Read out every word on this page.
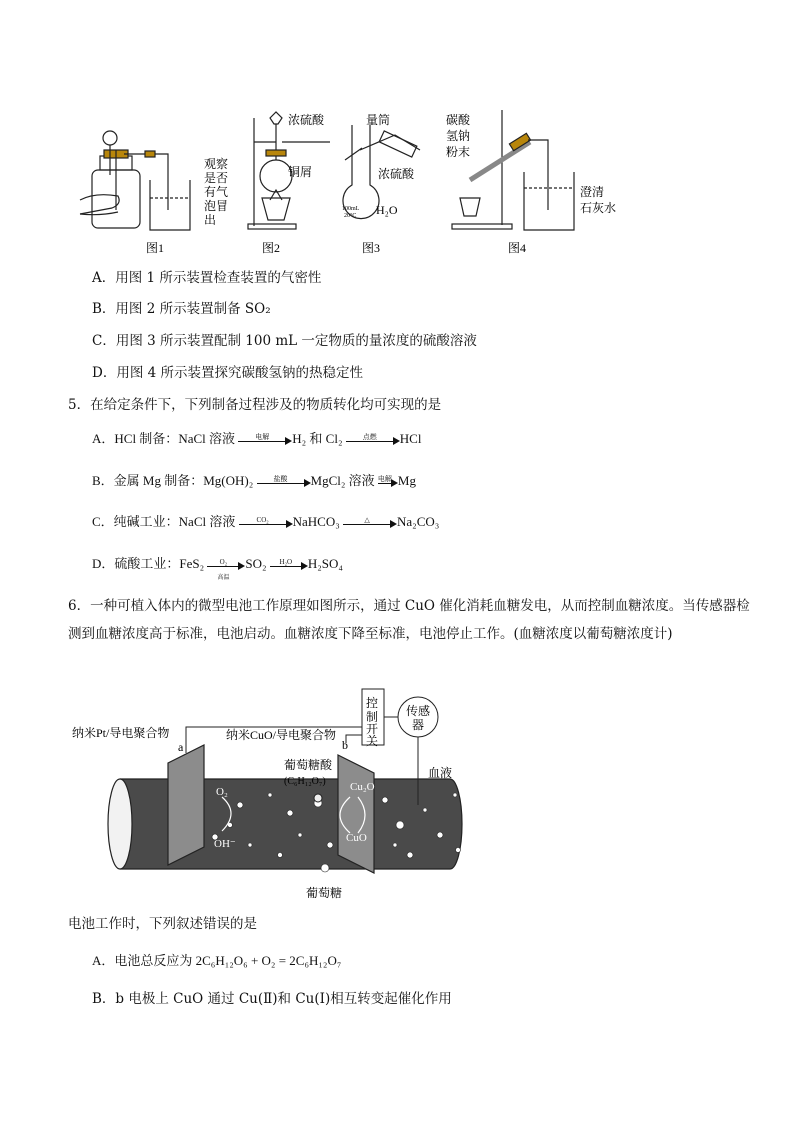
观察
是否
有气
泡冒
出
浓硫酸
铜屑
量筒
浓硫酸
100mL
20°C H₂O
碳酸
氢钠
粉末
澄清
石灰水
图1	图2	图3	图4
A．用图 1 所示装置检查装置的气密性
B．用图 2 所示装置制备 SO₂
C．用图 3 所示装置配制 100 mL 一定物质的量浓度的硫酸溶液
D．用图 4 所示装置探究碳酸氢钠的热稳定性
5．在给定条件下，下列制备过程涉及的物质转化均可实现的是
A．HCl 制备：NaCl 溶液	电解	H₂ 和 Cl₂	点燃	HCl
B．金属 Mg 制备：Mg(OH)₂	盐酸	MgCl₂ 溶液 电解 Mg
C．纯碱工业：NaCl 溶液	CO₂	NaHCO₃	△	Na₂CO₃
D．硫酸工业：FeS₂	O₂
高温
SO₂	H₂O	H₂SO₄
6．一种可植入体内的微型电池工作原理如图所示，通过 CuO 催化消耗血糖发电，从而控制血糖浓度。当传感器检测到血糖浓度高于标准，电池启动。血糖浓度下降至标准，电池停止工作。(血糖浓度以葡萄糖浓度计)
控
制
开
关
传感
器
纳米Pt/导电聚合物
a
纳米CuO/导电聚合物
b
葡萄糖酸
(C₆H₁₂O₇) Cu₂O
CuO
O₂
OH⁻
血液
葡萄糖
电池工作时，下列叙述错误的是
A．电池总反应为 2C₆H₁₂O₆ + O₂ = 2C₆H₁₂O₇
B．b 电极上 CuO 通过 Cu(Ⅱ)和 Cu(Ⅰ)相互转变起催化作用
